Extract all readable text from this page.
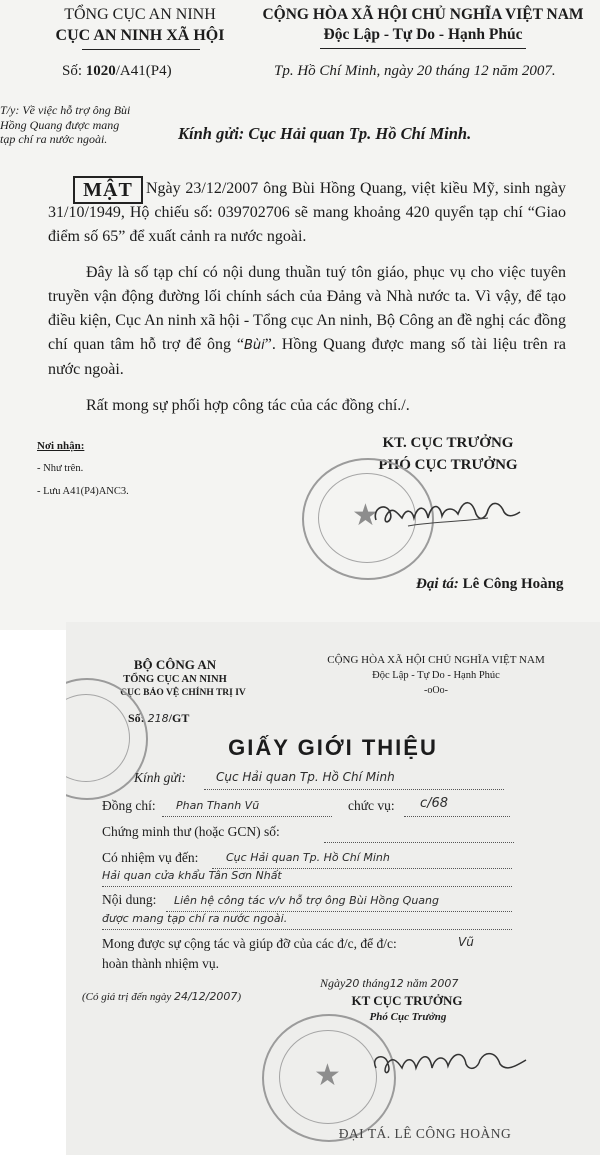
TỔNG CỤC AN NINH
CỤC AN NINH XÃ HỘI
CỘNG HÒA XÃ HỘI CHỦ NGHĨA VIỆT NAM
Độc Lập - Tự Do - Hạnh Phúc
Số: 1020/A41(P4)	Tp. Hồ Chí Minh, ngày 20 tháng 12 năm 2007.
T/y: Về việc hỗ trợ ông Bùi Hồng Quang được mang tạp chí ra nước ngoài.	Kính gửi: Cục Hải quan Tp. Hồ Chí Minh.
MẬT Ngày 23/12/2007 ông Bùi Hồng Quang, việt kiều Mỹ, sinh ngày 31/10/1949, Hộ chiếu số: 039702706 sẽ mang khoảng 420 quyển tạp chí “Giao điểm số 65” để xuất cảnh ra nước ngoài.

Đây là số tạp chí có nội dung thuần tuý tôn giáo, phục vụ cho việc tuyên truyền vận động đường lối chính sách của Đảng và Nhà nước ta. Vì vậy, để tạo điều kiện, Cục An ninh xã hội - Tổng cục An ninh, Bộ Công an đề nghị các đồng chí quan tâm hỗ trợ để ông “Bùi”. Hồng Quang được mang số tài liệu trên ra nước ngoài.

Rất mong sự phối hợp công tác của các đồng chí./.

Nơi nhận:
- Như trên.
- Lưu A41(P4)ANC3.
KT. CỤC TRƯỞNG
PHÓ CỤC TRƯỞNG
★
Đại tá: Lê Công Hoàng
BỘ CÔNG AN
TỔNG CỤC AN NINH
CỤC BẢO VỆ CHÍNH TRỊ IV
Số: 218/GT
CỘNG HÒA XÃ HỘI CHỦ NGHĨA VIỆT NAM
Độc Lập - Tự Do - Hạnh Phúc
-oOo-
GIẤY GIỚI THIỆU
Kính gửi:	Cục Hải quan Tp. Hồ Chí Minh
Đồng chí: Phan Thanh Vũ	chức vụ: c/68
Chứng minh thư (hoặc GCN) số:
Có nhiệm vụ đến:	Cục Hải quan Tp. Hồ Chí Minh
Hải quan cửa khẩu Tân Sơn Nhất
Nội dung: Liên hệ công tác v/v hỗ trợ ông Bùi Hồng Quang
được mang tạp chí ra nước ngoài.
Mong được sự cộng tác và giúp đỡ của các đ/c, để đ/c:	Vũ
hoàn thành nhiệm vụ.
Ngày20 tháng12 năm 2007
(Có giá trị đến ngày 24/12/2007)	KT CỤC TRƯỞNG
Phó Cục Trưởng
★
ĐẠI TÁ. LÊ CÔNG HOÀNG
